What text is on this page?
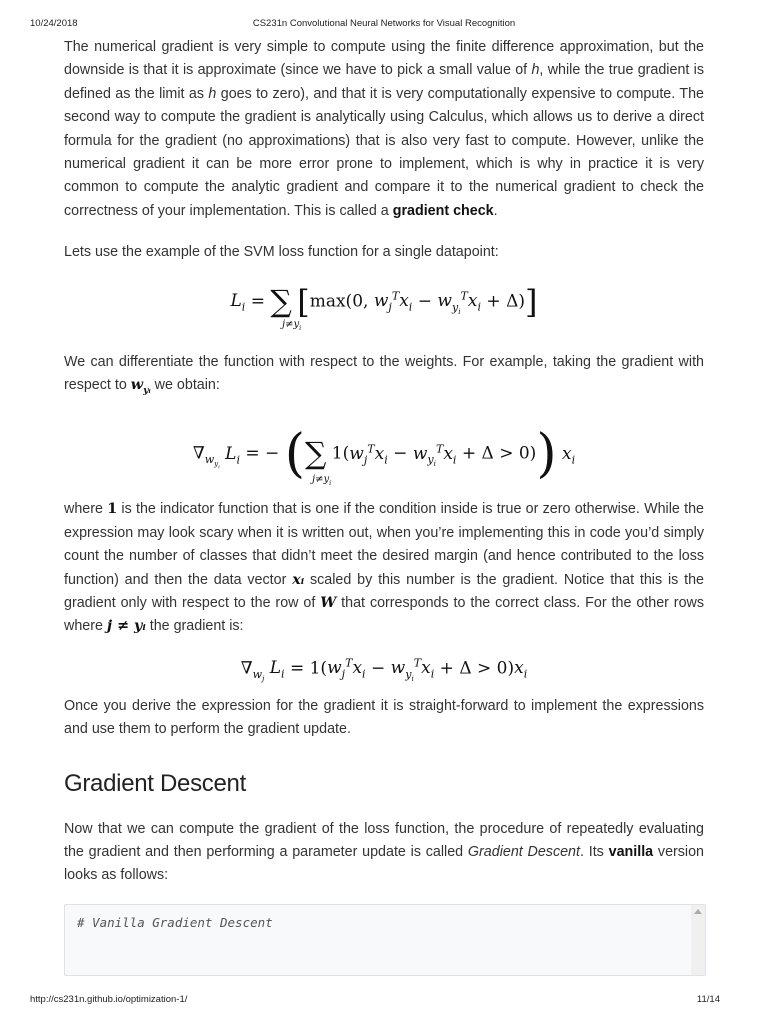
10/24/2018	CS231n Convolutional Neural Networks for Visual Recognition

The numerical gradient is very simple to compute using the finite difference approximation, but the downside is that it is approximate (since we have to pick a small value of h, while the true gradient is defined as the limit as h goes to zero), and that it is very computationally expensive to compute. The second way to compute the gradient is analytically using Calculus, which allows us to derive a direct formula for the gradient (no approximations) that is also very fast to compute. However, unlike the numerical gradient it can be more error prone to implement, which is why in practice it is very common to compute the analytic gradient and compare it to the numerical gradient to check the correctness of your implementation. This is called a gradient check.

Lets use the example of the SVM loss function for a single datapoint:

$L_i$ = ∑ [max(0, $w_j^Tx_i - w_{y_i}^Tx_i + \Delta$)]
$j\ne y_i$

We can differentiate the function with respect to the weights. For example, taking the gradient with respect to $w_{yᵢ}$ we obtain:

$\nabla_{w_{y_i}}$ $L_i$ = − (∑ $1(w_j^Tx_i - w_{y_i}^Tx_i + \Delta > 0)$) $x_i$
$j\ne y_i$

where 1 is the indicator function that is one if the condition inside is true or zero otherwise. While the expression may look scary when it is written out, when you’re implementing this in code you’d simply count the number of classes that didn’t meet the desired margin (and hence contributed to the loss function) and then the data vector xᵢ scaled by this number is the gradient. Notice that this is the gradient only with respect to the row of W that corresponds to the correct class. For the other rows where j ≠ yᵢ the gradient is:

$\nabla_{w_j}$ $L_i = 1(w_j^Tx_i - w_{y_i}^Tx_i + \Delta > 0)x_i$

Once you derive the expression for the gradient it is straight-forward to implement the expressions and use them to perform the gradient update.

Gradient Descent

Now that we can compute the gradient of the loss function, the procedure of repeatedly evaluating the gradient and then performing a parameter update is called Gradient Descent. Its vanilla version looks as follows:

# Vanilla Gradient Descent
http://cs231n.github.io/optimization-1/	11/14
